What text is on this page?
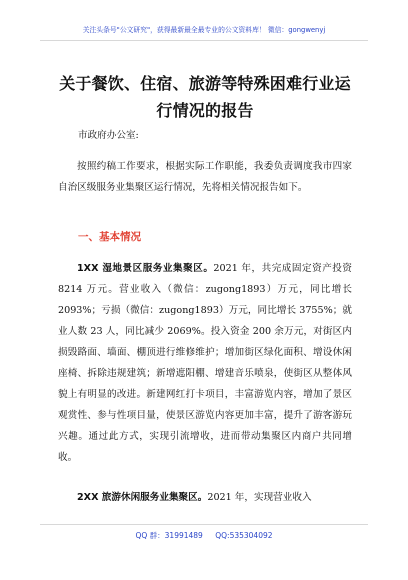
关注头条号"公文研究"，获得最新最全最专业的公文资料库！ 微信：gongwenyj
关于餐饮、住宿、旅游等特殊困难行业运行情况的报告
市政府办公室:
按照约稿工作要求，根据实际工作职能，我委负责调度我市四家自治区级服务业集聚区运行情况，先将相关情况报告如下。
一、基本情况
1XX 湿地景区服务业集聚区。2021 年，共完成固定资产投资 8214 万元。营业收入（微信：zugong1893）万元，同比增长 2093%；亏损（微信：zugong1893）万元，同比增长 3755%；就业人数 23 人，同比减少 2069%。投入资金 200 余万元，对街区内损毁路面、墙面、棚顶进行维修维护；增加街区绿化面积、增设休闲座椅、拆除违规建筑；新增遮阳棚、增建音乐喷泉，使街区从整体风貌上有明显的改进。新建网红打卡项目，丰富游览内容，增加了景区观赏性、参与性项目量，使景区游览内容更加丰富，提升了游客游玩兴趣。通过此方式，实现引流增收，进而带动集聚区内商户共同增收。
2XX 旅游休闲服务业集聚区。2021 年，实现营业收入
QQ 群：31991489 QQ:535304092
